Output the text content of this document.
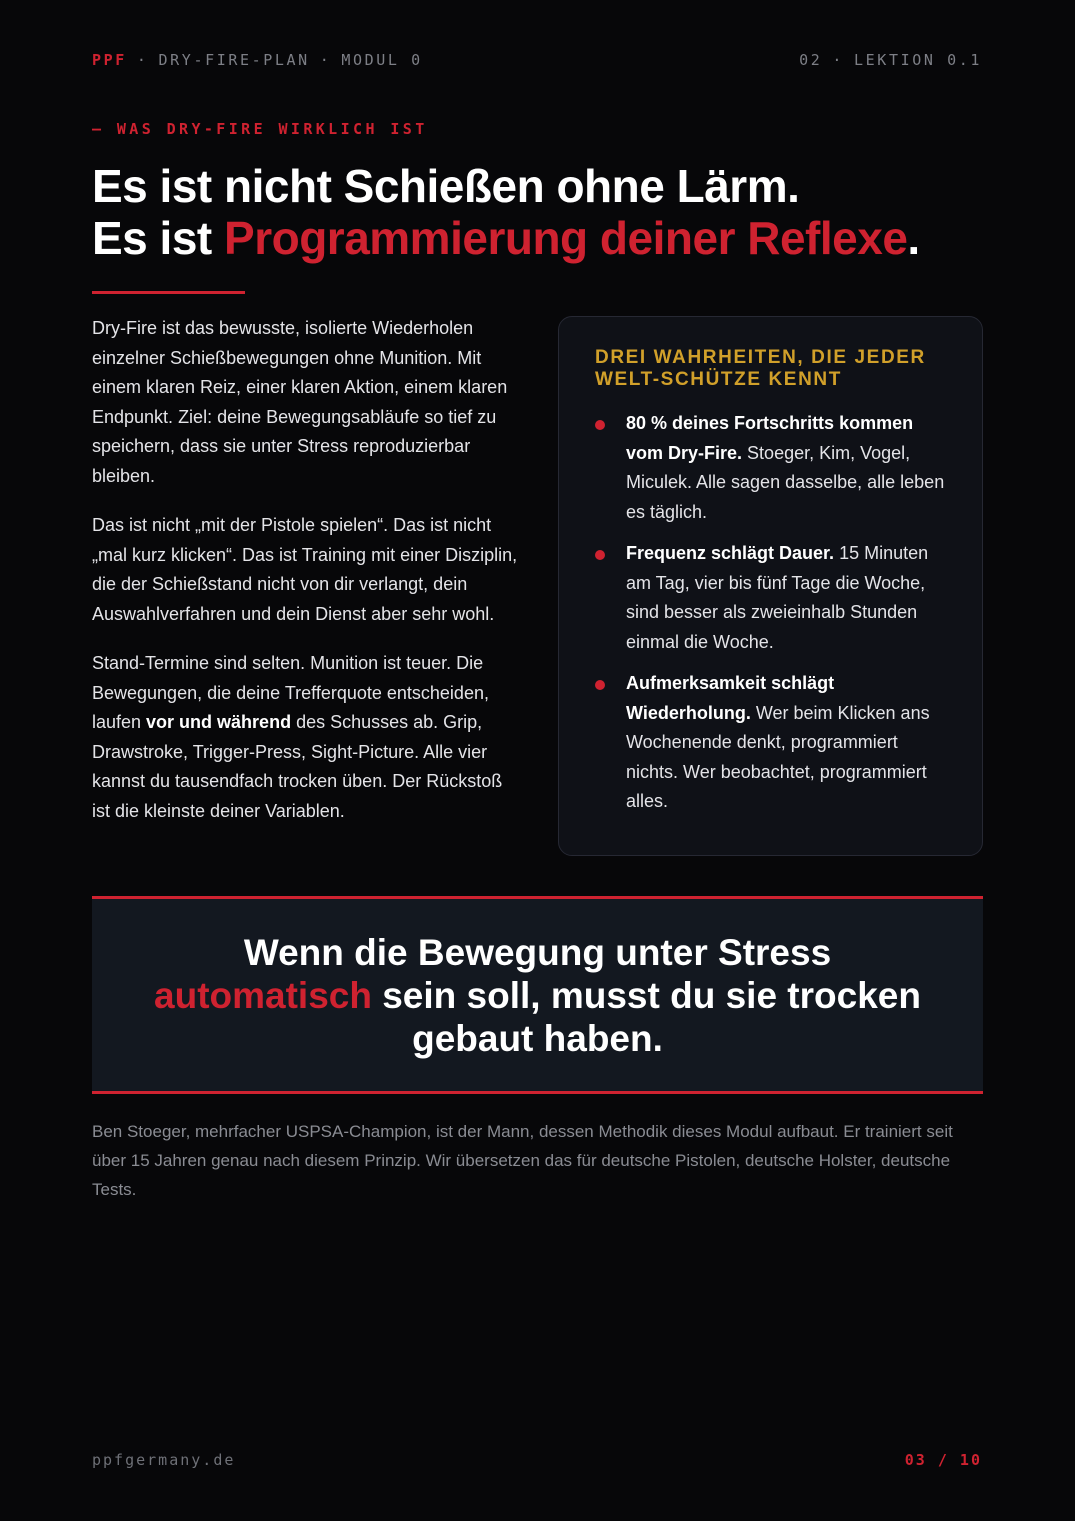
PPF · DRY-FIRE-PLAN · MODUL 0	02 · LEKTION 0.1
— WAS DRY-FIRE WIRKLICH IST
Es ist nicht Schießen ohne Lärm.
Es ist Programmierung deiner Reflexe.

Dry-Fire ist das bewusste, isolierte Wiederholen einzelner Schießbewegungen ohne Munition. Mit einem klaren Reiz, einer klaren Aktion, einem klaren Endpunkt. Ziel: deine Bewegungsabläufe so tief zu speichern, dass sie unter Stress reproduzierbar bleiben.

Das ist nicht „mit der Pistole spielen“. Das ist nicht „mal kurz klicken“. Das ist Training mit einer Disziplin, die der Schießstand nicht von dir verlangt, dein Auswahlverfahren und dein Dienst aber sehr wohl.

Stand-Termine sind selten. Munition ist teuer. Die Bewegungen, die deine Trefferquote entscheiden, laufen vor und während des Schusses ab. Grip, Drawstroke, Trigger-Press, Sight-Picture. Alle vier kannst du tausendfach trocken üben. Der Rückstoß ist die kleinste deiner Variablen.

DREI WAHRHEITEN, DIE JEDER WELT-SCHÜTZE KENNT
80 % deines Fortschritts kommen vom Dry-Fire. Stoeger, Kim, Vogel, Miculek. Alle sagen dasselbe, alle leben es täglich.
Frequenz schlägt Dauer. 15 Minuten am Tag, vier bis fünf Tage die Woche, sind besser als zweieinhalb Stunden einmal die Woche.
Aufmerksamkeit schlägt Wiederholung. Wer beim Klicken ans Wochenende denkt, programmiert nichts. Wer beobachtet, programmiert alles.
Wenn die Bewegung unter Stress
automatisch sein soll, musst du sie trocken gebaut haben.

Ben Stoeger, mehrfacher USPSA-Champion, ist der Mann, dessen Methodik dieses Modul aufbaut. Er trainiert seit über 15 Jahren genau nach diesem Prinzip. Wir übersetzen das für deutsche Pistolen, deutsche Holster, deutsche Tests.

ppfgermany.de	03 / 10
